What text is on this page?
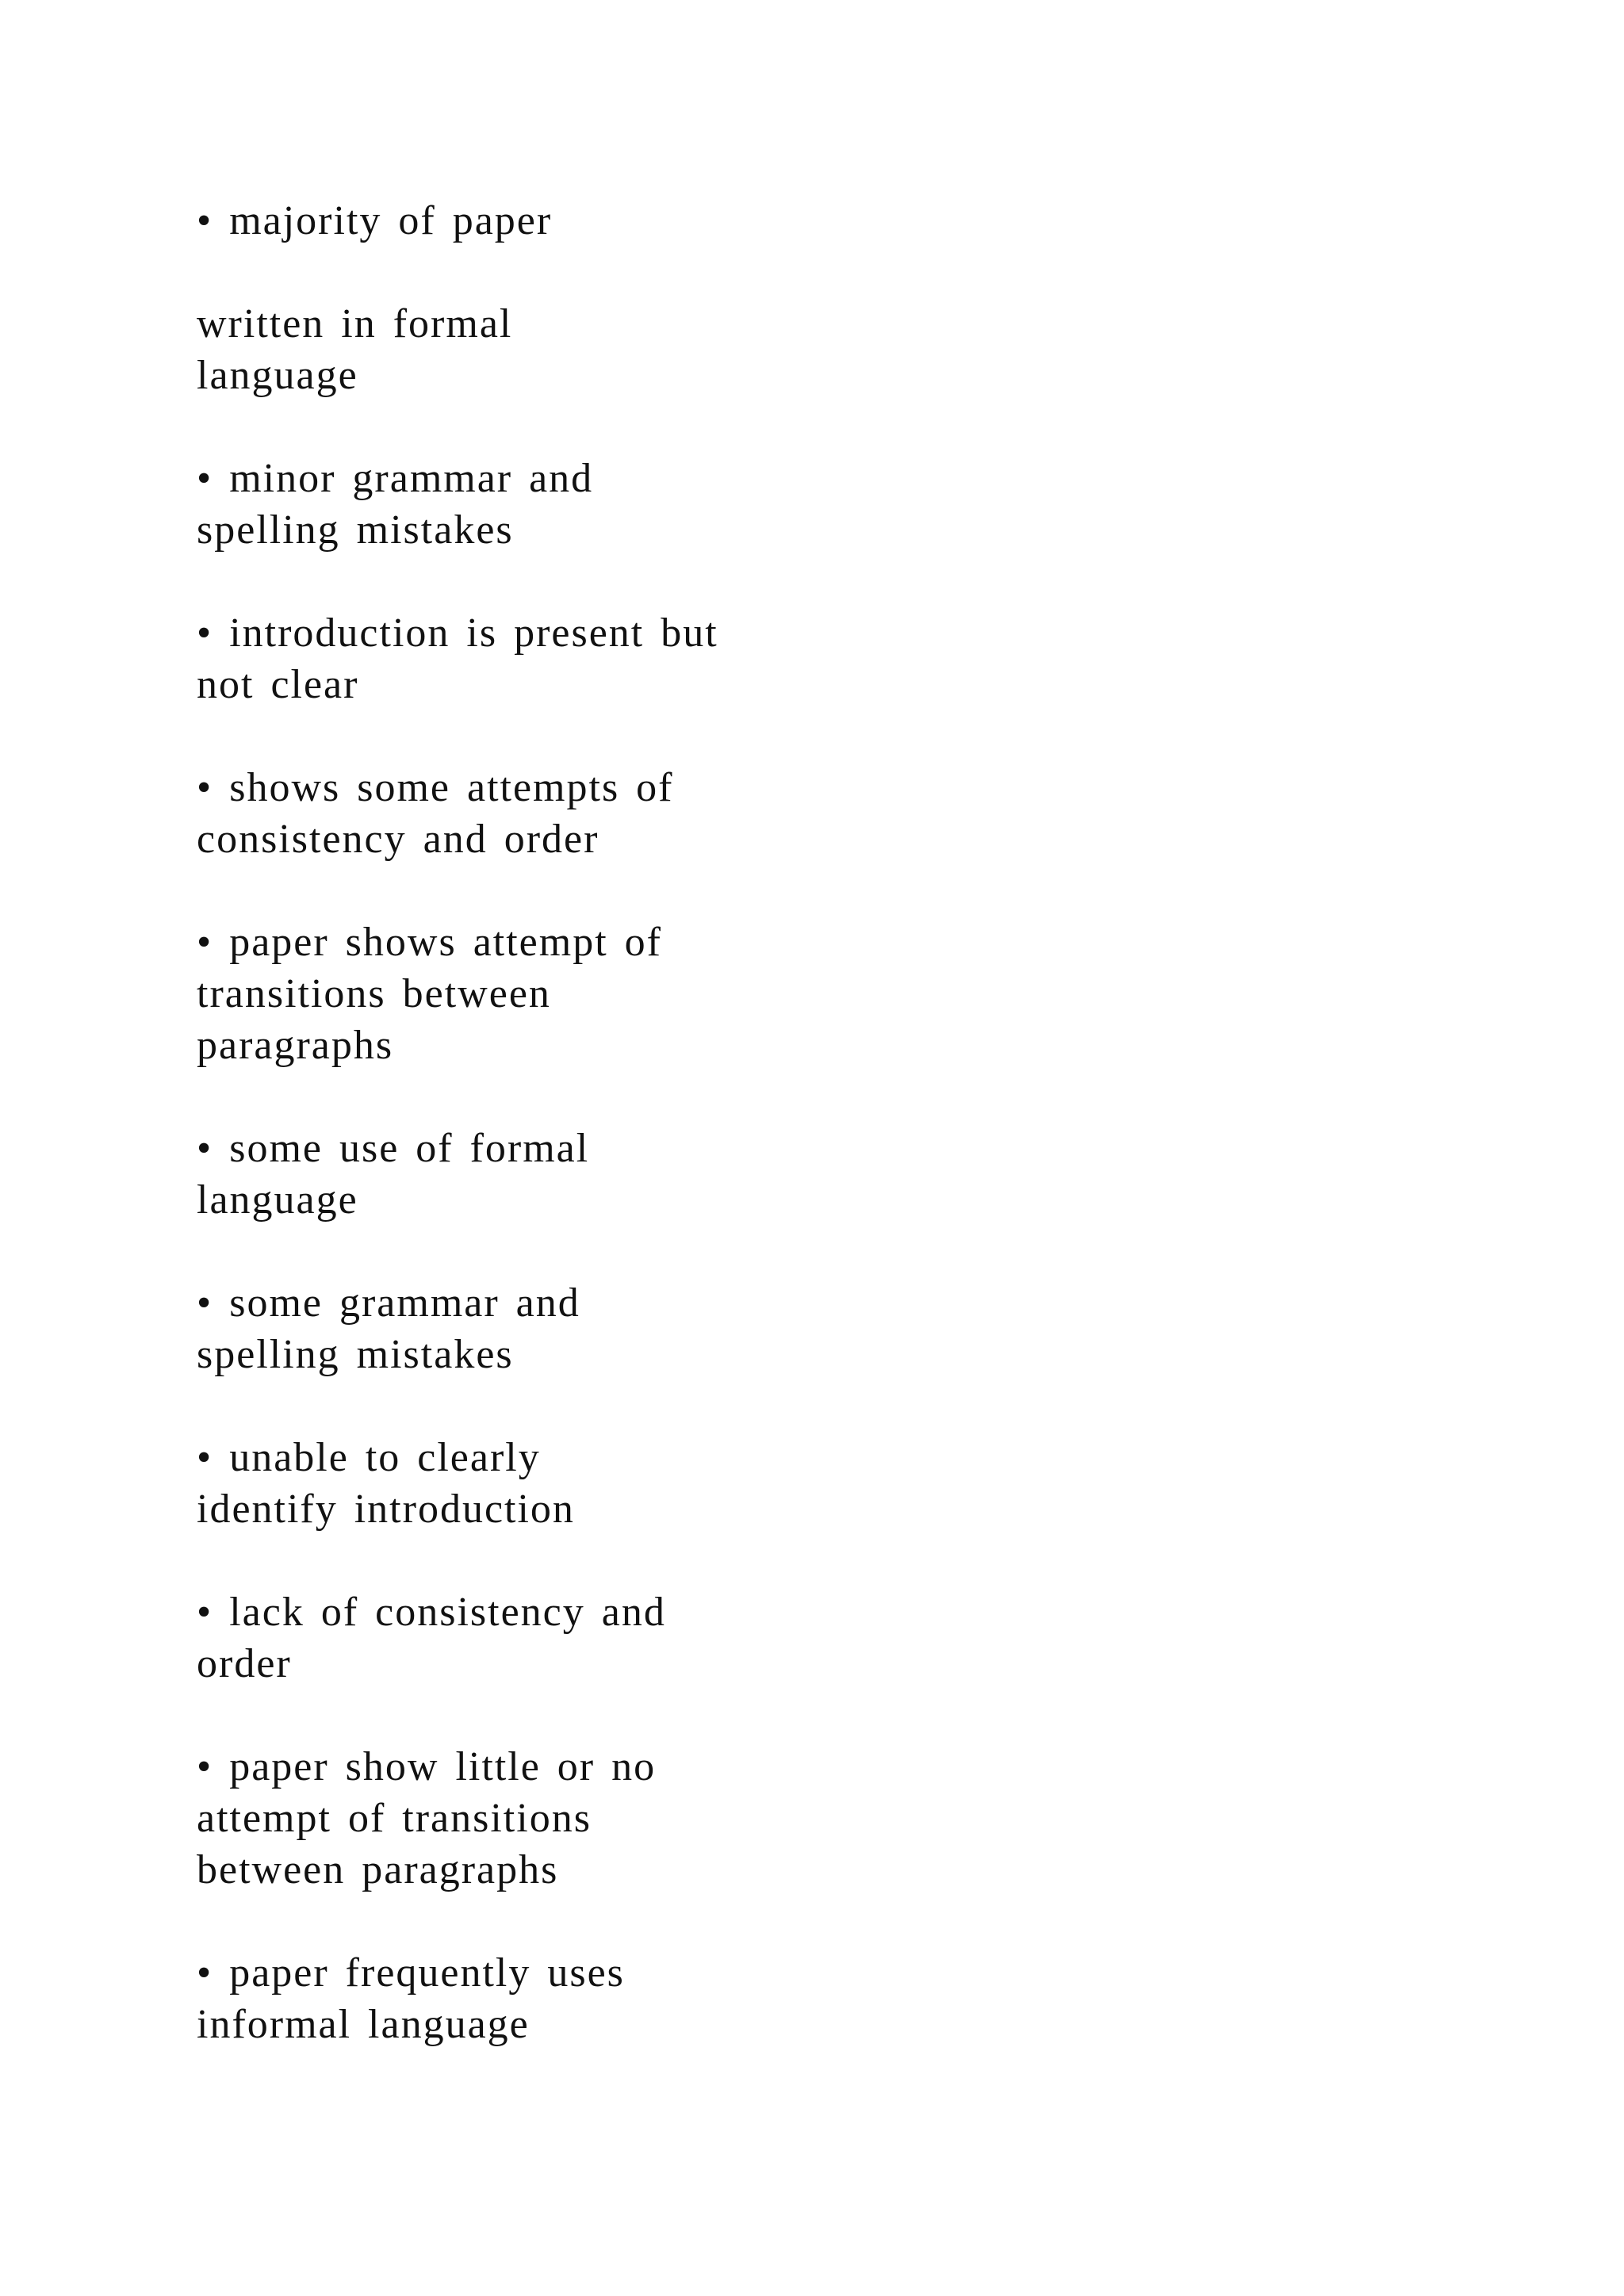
• majority of paper

written in formal
language

• minor grammar and
spelling mistakes

• introduction is present but
not clear

• shows some attempts of
consistency and order

• paper shows attempt of
transitions between
paragraphs

• some use of formal
language

• some grammar and
spelling mistakes

• unable to clearly
identify introduction

• lack of consistency and
order

• paper show little or no
attempt of transitions
between paragraphs

• paper frequently uses
informal language
